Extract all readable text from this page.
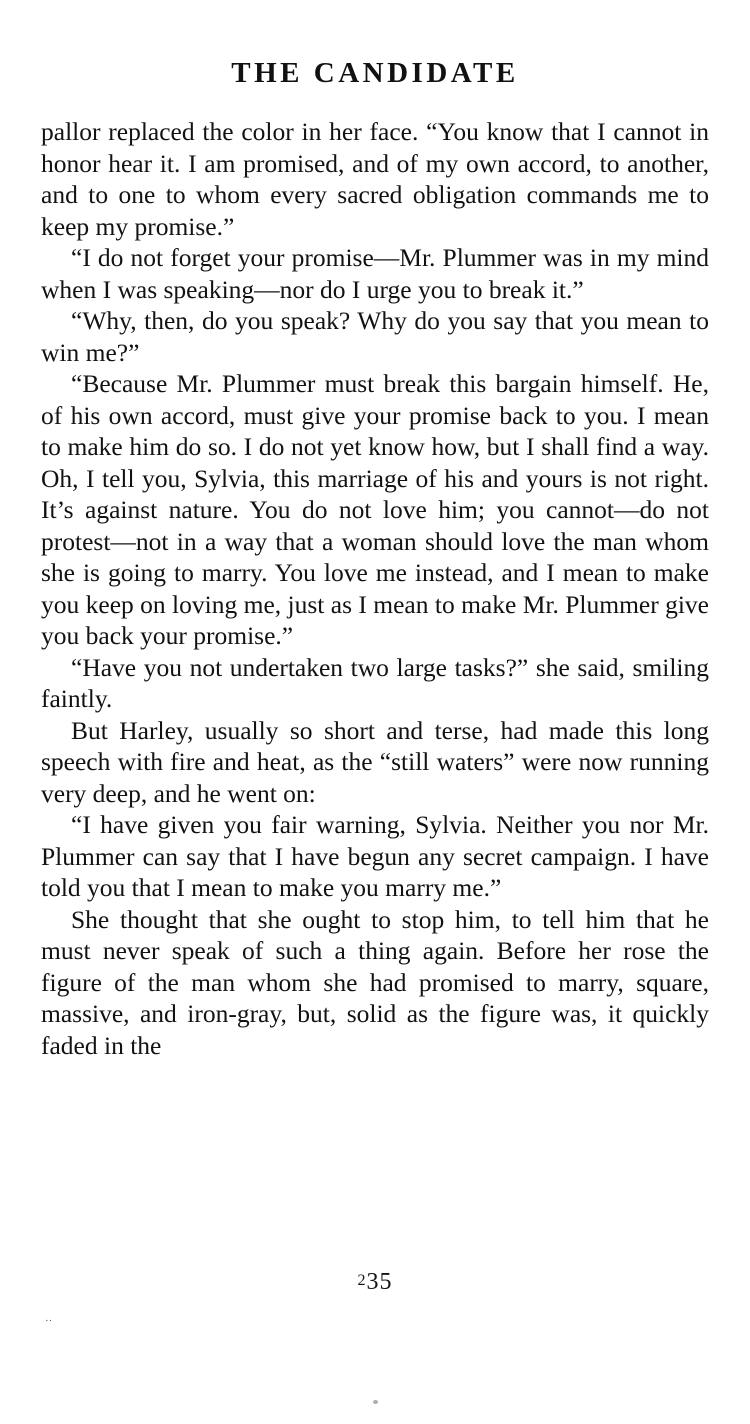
THE CANDIDATE

pallor replaced the color in her face. “You know that I cannot in honor hear it. I am promised, and of my own accord, to another, and to one to whom every sacred obligation commands me to keep my promise.”

“I do not forget your promise—Mr. Plummer was in my mind when I was speaking—nor do I urge you to break it.”

“Why, then, do you speak? Why do you say that you mean to win me?”

“Because Mr. Plummer must break this bargain himself. He, of his own accord, must give your promise back to you. I mean to make him do so. I do not yet know how, but I shall find a way. Oh, I tell you, Sylvia, this marriage of his and yours is not right. It’s against nature. You do not love him; you cannot—do not protest—not in a way that a woman should love the man whom she is going to marry. You love me instead, and I mean to make you keep on loving me, just as I mean to make Mr. Plummer give you back your promise.”

“Have you not undertaken two large tasks?” she said, smiling faintly.

But Harley, usually so short and terse, had made this long speech with fire and heat, as the “still waters” were now running very deep, and he went on:

“I have given you fair warning, Sylvia. Neither you nor Mr. Plummer can say that I have begun any secret campaign. I have told you that I mean to make you marry me.”

She thought that she ought to stop him, to tell him that he must never speak of such a thing again. Before her rose the figure of the man whom she had promised to marry, square, massive, and iron-gray, but, solid as the figure was, it quickly faded in the

$^2$35
··
